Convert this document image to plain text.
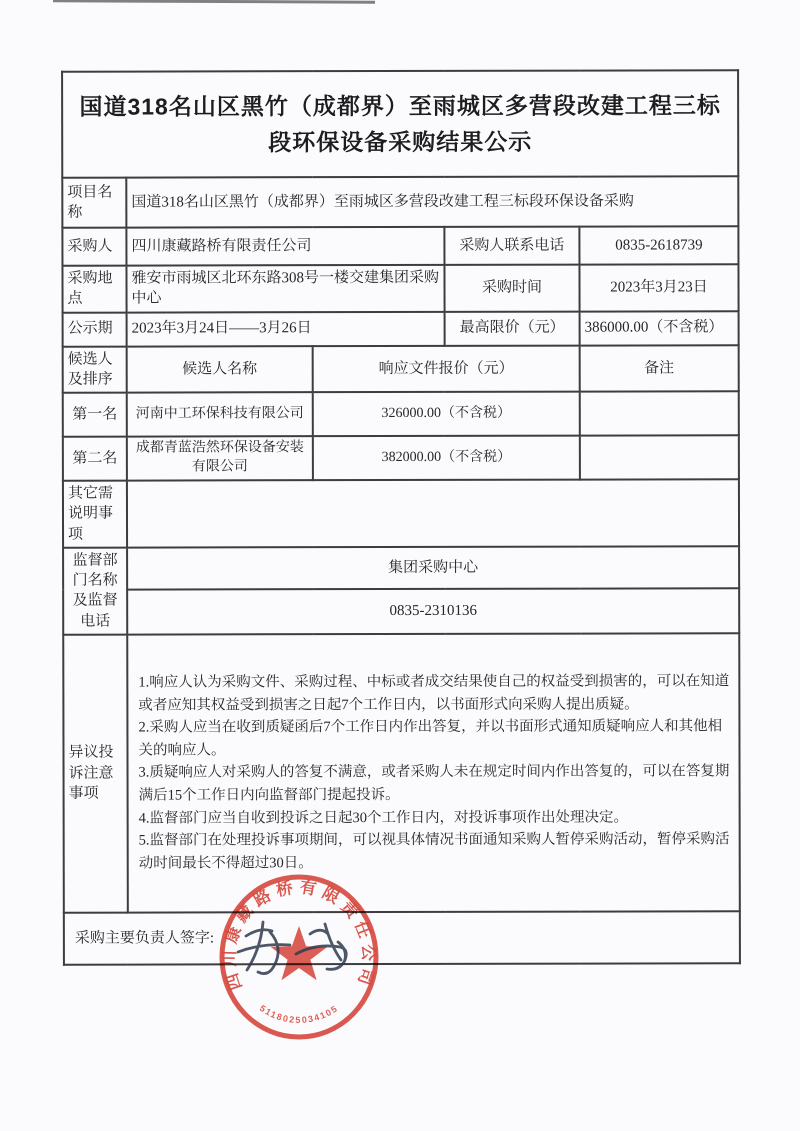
国道318名山区黑竹（成都界）至雨城区多营段改建工程三标段环保设备采购结果公示				

项目名称	国道318名山区黑竹（成都界）至雨城区多营段改建工程三标段环保设备采购			
采购人	四川康藏路桥有限责任公司		采购人联系电话	0835-2618739
采购地点	雅安市雨城区北环东路308号一楼交建集团采购中心		采购时间	2023年3月23日
公示期	2023年3月24日——3月26日		最高限价（元）	386000.00（不含税）
候选人及排序	候选人名称	响应文件报价（元）		备注
第一名	河南中工环保科技有限公司	326000.00（不含税）		
第二名	成都青蓝浩然环保设备安装有限公司	382000.00（不含税）		
其它需说明事项				
监督部门名称及监督电话	集团采购中心			
	0835-2310136			
异议投诉注意事项	1.响应人认为采购文件、采购过程、中标或者成交结果使自己的权益受到损害的，可以在知道或者应知其权益受到损害之日起7个工作日内，以书面形式向采购人提出质疑。

2.采购人应当在收到质疑函后7个工作日内作出答复，并以书面形式通知质疑响应人和其他相关的响应人。

3.质疑响应人对采购人的答复不满意，或者采购人未在规定时间内作出答复的，可以在答复期满后15个工作日内向监督部门提起投诉。

4.监督部门应当自收到投诉之日起30个工作日内，对投诉事项作出处理决定。

5.监督部门在处理投诉事项期间，可以视具体情况书面通知采购人暂停采购活动，暂停采购活动时间最长不得超过30日。			

采购主要负责人签字:				
四川康藏路桥有限责任公司
5118025034105
